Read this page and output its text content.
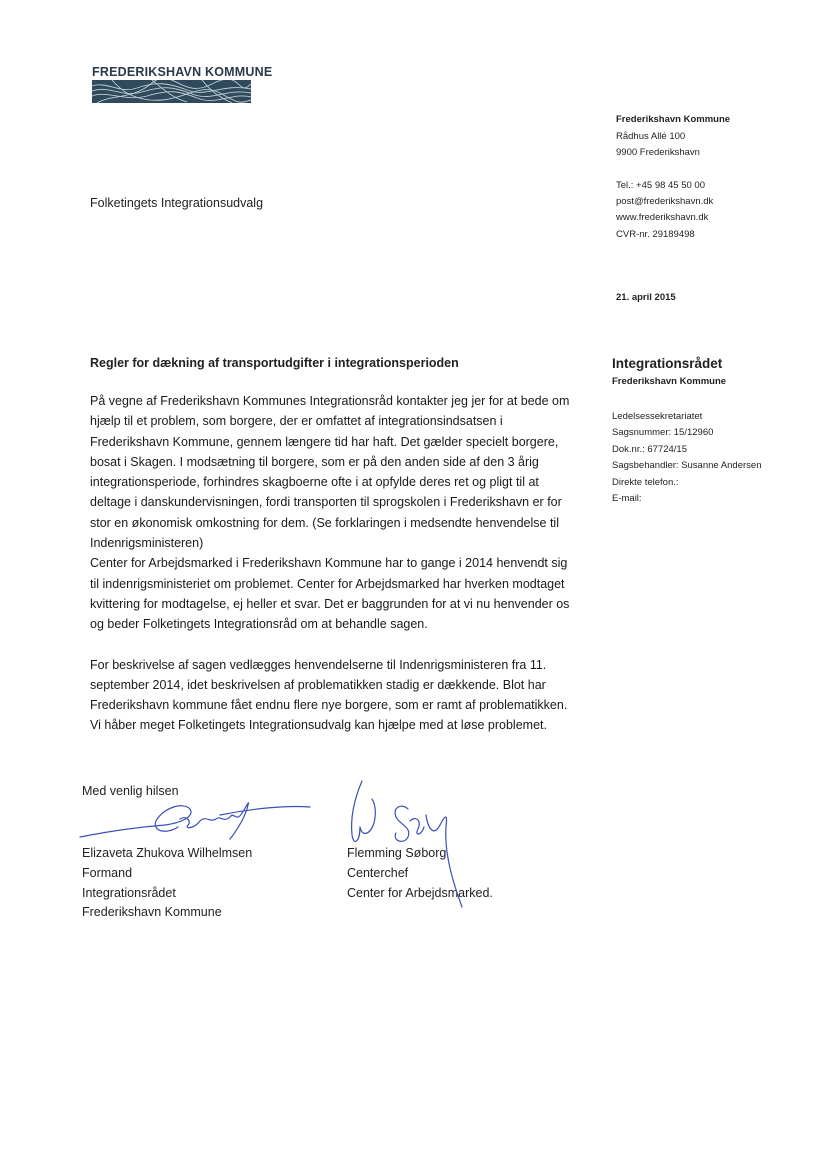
FREDERIKSHAVN KOMMUNE
Frederikshavn Kommune
Rådhus Allé 100
9900 Frederikshavn
Tel.: +45 98 45 50 00
post@frederikshavn.dk
www.frederikshavn.dk
CVR-nr. 29189498
Folketingets Integrationsudvalg
21. april 2015
Regler for dækning af transportudgifter i integrationsperioden	Integrationsrådet
Frederikshavn Kommune
Ledelsessekretariatet
Sagsnummer: 15/12960
Dok.nr.: 67724/15
Sagsbehandler: Susanne Andersen
Direkte telefon.:
E-mail:

På vegne af Frederikshavn Kommunes Integrationsråd kontakter jeg jer for at bede om
hjælp til et problem, som borgere, der er omfattet af integrationsindsatsen i
Frederikshavn Kommune, gennem længere tid har haft. Det gælder specielt borgere,
bosat i Skagen. I modsætning til borgere, som er på den anden side af den 3 årig
integrationsperiode, forhindres skagboerne ofte i at opfylde deres ret og pligt til at
deltage i danskundervisningen, fordi transporten til sprogskolen i Frederikshavn er for
stor en økonomisk omkostning for dem. (Se forklaringen i medsendte henvendelse til
Indenrigsministeren)
Center for Arbejdsmarked i Frederikshavn Kommune har to gange i 2014 henvendt sig
til indenrigsministeriet om problemet. Center for Arbejdsmarked har hverken modtaget
kvittering for modtagelse, ej heller et svar. Det er baggrunden for at vi nu henvender os
og beder Folketingets Integrationsråd om at behandle sagen.

For beskrivelse af sagen vedlægges henvendelserne til Indenrigsministeren fra 11.
september 2014, idet beskrivelsen af problematikken stadig er dækkende. Blot har
Frederikshavn kommune fået endnu flere nye borgere, som er ramt af problematikken.
Vi håber meget Folketingets Integrationsudvalg kan hjælpe med at løse problemet.

Med venlig hilsen
Elizaveta Zhukova Wilhelmsen
Formand
Integrationsrådet
Frederikshavn Kommune
Flemming Søborg
Centerchef
Center for Arbejdsmarked.
